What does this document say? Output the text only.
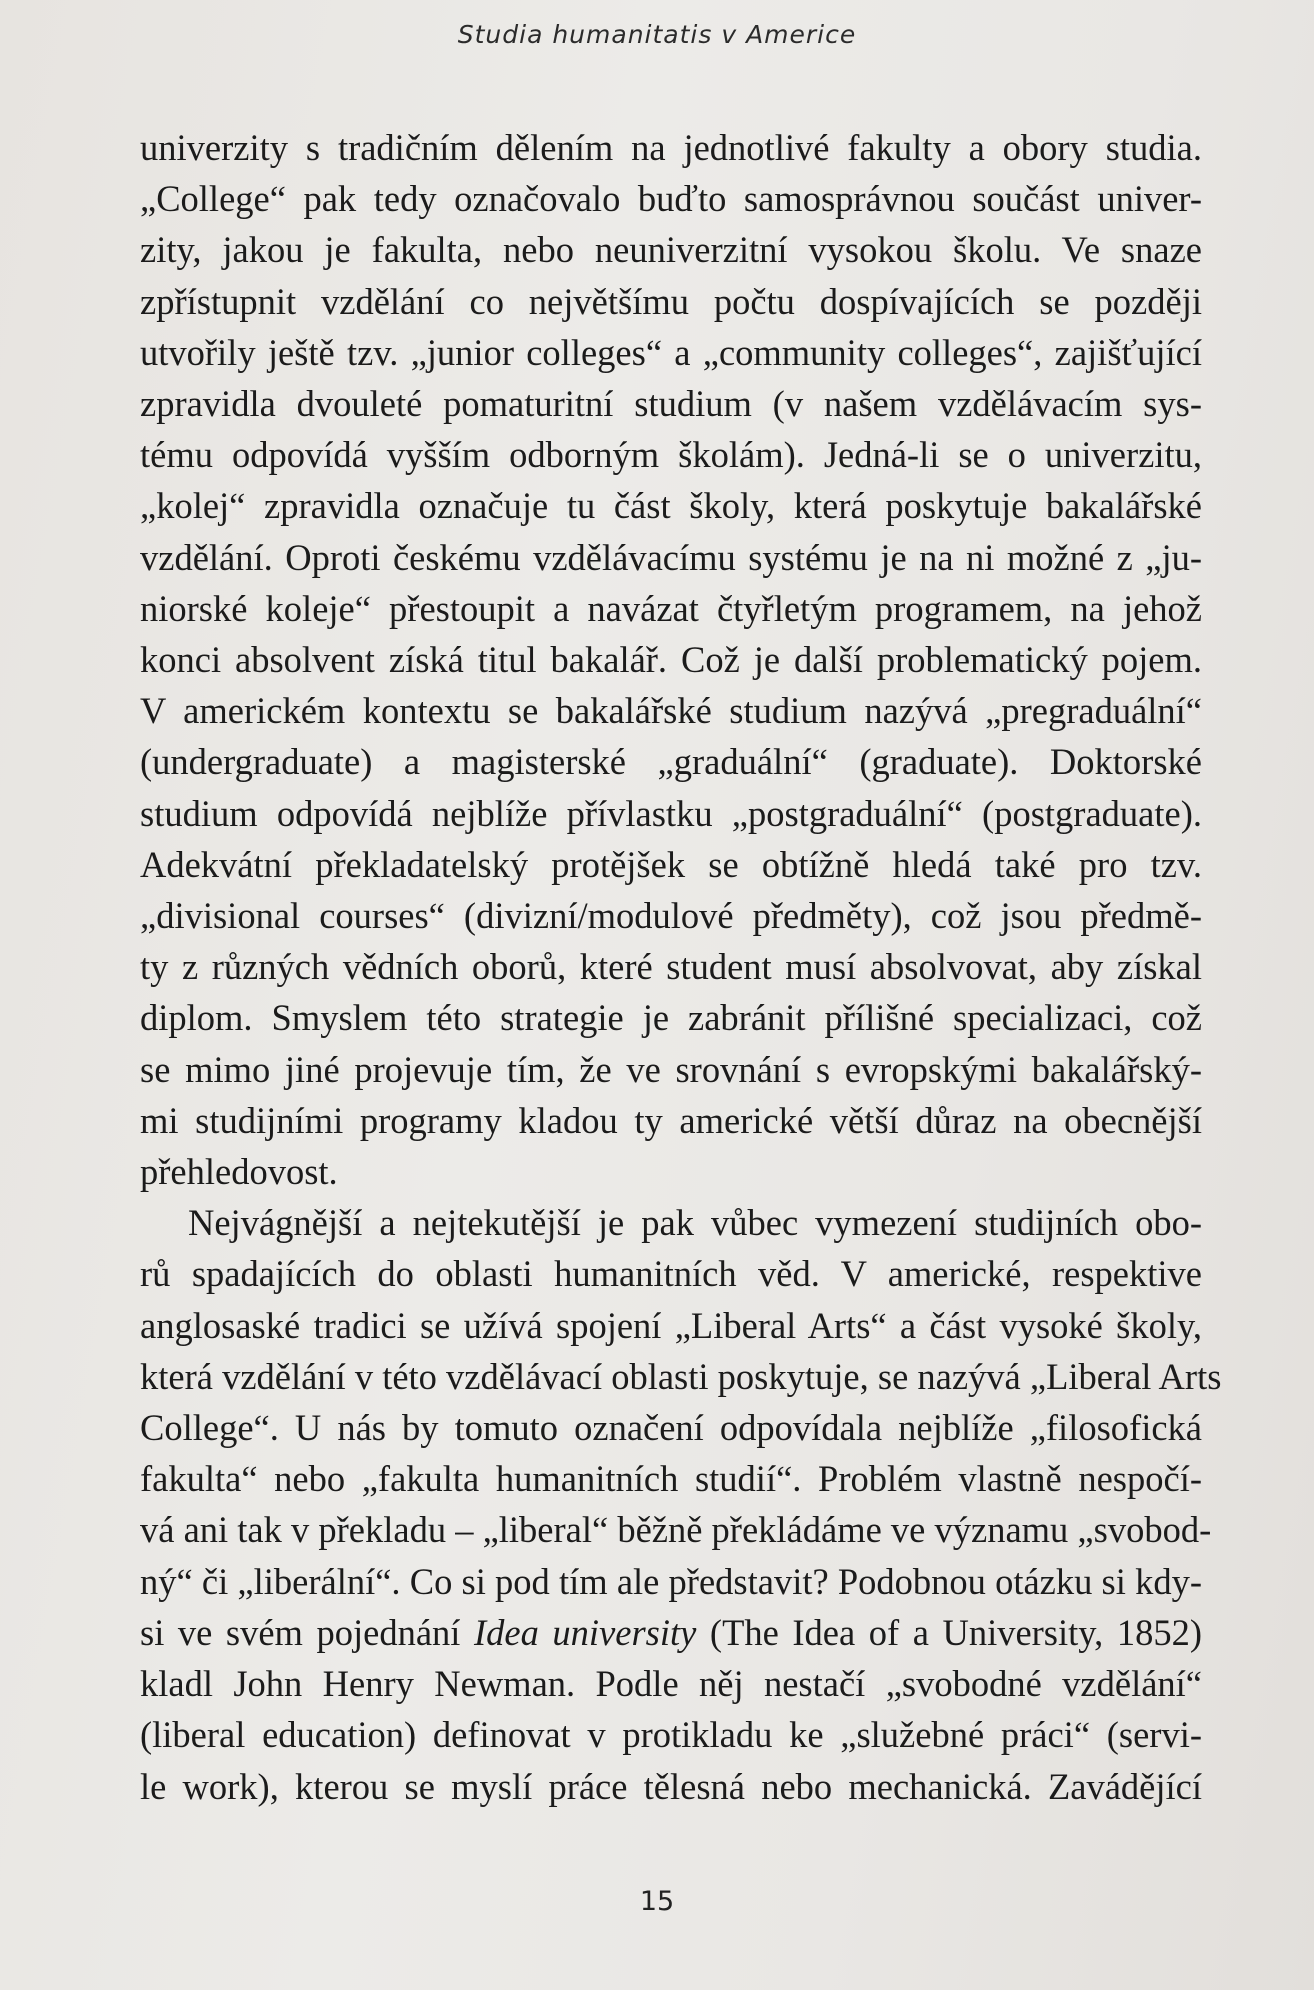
Studia humanitatis v Americe
univerzity s tradičním dělením na jednotlivé fakulty a obory studia.
„College“ pak tedy označovalo buďto samosprávnou součást univer-
zity, jakou je fakulta, nebo neuniverzitní vysokou školu. Ve snaze
zpřístupnit vzdělání co největšímu počtu dospívajících se později
utvořily ještě tzv. „junior colleges“ a „community colleges“, zajišťující
zpravidla dvouleté pomaturitní studium (v našem vzdělávacím sys-
tému odpovídá vyšším odborným školám). Jedná-li se o univerzitu,
„kolej“ zpravidla označuje tu část školy, která poskytuje bakalářské
vzdělání. Oproti českému vzdělávacímu systému je na ni možné z „ju-
niorské koleje“ přestoupit a navázat čtyřletým programem, na jehož
konci absolvent získá titul bakalář. Což je další problematický pojem.
V americkém kontextu se bakalářské studium nazývá „pregraduální“
(undergraduate) a magisterské „graduální“ (graduate). Doktorské
studium odpovídá nejblíže přívlastku „postgraduální“ (postgraduate).
Adekvátní překladatelský protějšek se obtížně hledá také pro tzv.
„divisional courses“ (divizní/modulové předměty), což jsou předmě-
ty z různých vědních oborů, které student musí absolvovat, aby získal
diplom. Smyslem této strategie je zabránit přílišné specializaci, což
se mimo jiné projevuje tím, že ve srovnání s evropskými bakalářský-
mi studijními programy kladou ty americké větší důraz na obecnější
přehledovost.
Nejvágnější a nejtekutější je pak vůbec vymezení studijních obo-
rů spadajících do oblasti humanitních věd. V americké, respektive
anglosaské tradici se užívá spojení „Liberal Arts“ a část vysoké školy,
která vzdělání v této vzdělávací oblasti poskytuje, se nazývá „Liberal Arts
College“. U nás by tomuto označení odpovídala nejblíže „filosofická
fakulta“ nebo „fakulta humanitních studií“. Problém vlastně nespočí-
vá ani tak v překladu – „liberal“ běžně překládáme ve významu „svobod-
ný“ či „liberální“. Co si pod tím ale představit? Podobnou otázku si kdy-
si ve svém pojednání Idea university (The Idea of a University, 1852)
kladl John Henry Newman. Podle něj nestačí „svobodné vzdělání“
(liberal education) definovat v protikladu ke „služebné práci“ (servi-
le work), kterou se myslí práce tělesná nebo mechanická. Zavádějící
15
